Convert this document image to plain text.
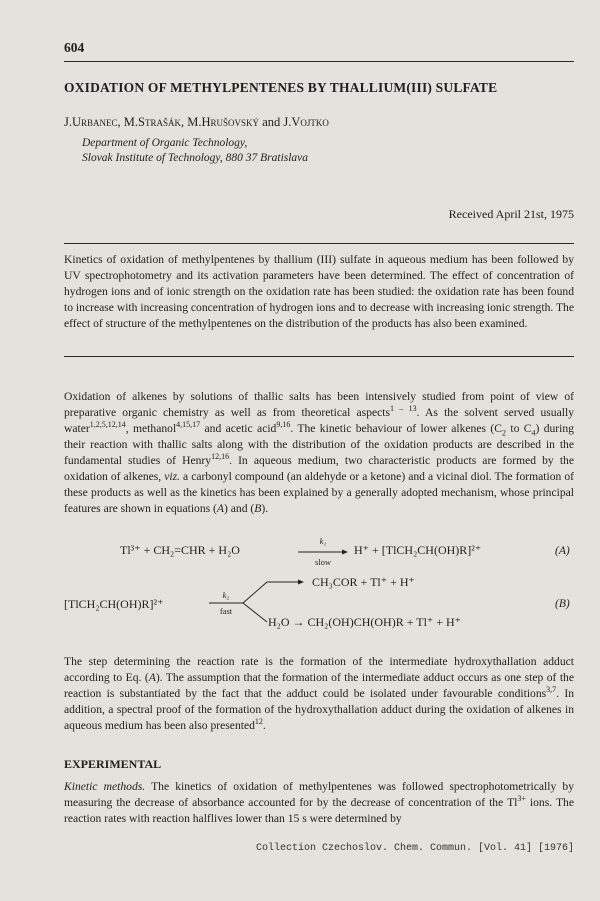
604
OXIDATION OF METHYLPENTENES BY THALLIUM(III) SULFATE
J.Urbanec, M.Strašák, M.Hrušovský and J.Vojtko
Department of Organic Technology,
Slovak Institute of Technology, 880 37 Bratislava
Received April 21st, 1975

Kinetics of oxidation of methylpentenes by thallium (III) sulfate in aqueous medium has been followed by UV spectrophotometry and its activation parameters have been determined. The effect of concentration of hydrogen ions and of ionic strength on the oxidation rate has been studied: the oxidation rate has been found to increase with increasing concentration of hydrogen ions and to decrease with increasing ionic strength. The effect of structure of the methylpentenes on the distribution of the products has also been examined.

Oxidation of alkenes by solutions of thallic salts has been intensively studied from point of view of preparative organic chemistry as well as from theoretical aspects$^{1 - 13}$. As the solvent served usually water$^{1,2,5,12,14}$, methanol$^{4,15,17}$ and acetic acid$^{9,16}$. The kinetic behaviour of lower alkenes ($C_2$ to $C_4$) during their reaction with thallic salts along with the distribution of the oxidation products are described in the fundamental studies of Henry$^{12,16}$. In aqueous medium, two characteristic products are formed by the oxidation of alkenes, viz. a carbonyl compound (an aldehyde or a ketone) and a vicinal diol. The formation of these products as well as the kinetics has been explained by a generally adopted mechanism, whose principal features are shown in equations (A) and (B).

Tl³⁺ + CH₂=CHR + H₂O
k₁
slow
H⁺ + [TlCH₂CH(OH)R]²⁺	(A)
[TlCH₂CH(OH)R]²⁺
k₂
fast
CH₃COR + Tl⁺ + H⁺
H₂O → CH₂(OH)CH(OH)R + Tl⁺ + H⁺
(B)

The step determining the reaction rate is the formation of the intermediate hydroxythallation adduct according to Eq. (A). The assumption that the formation of the intermediate adduct occurs as one step of the reaction is substantiated by the fact that the adduct could be isolated under favourable conditions$^{3,7}$. In addition, a spectral proof of the formation of the hydroxythallation adduct during the oxidation of alkenes in aqueous medium has been also presented$^{12}$.

EXPERIMENTAL

Kinetic methods. The kinetics of oxidation of methylpentenes was followed spectrophotometrically by measuring the decrease of absorbance accounted for by the decrease of concentration of the $Tl^{3+}$ ions. The reaction rates with reaction halflives lower than 15 s were determined by

Collection Czechoslov. Chem. Commun. [Vol. 41] [1976]
